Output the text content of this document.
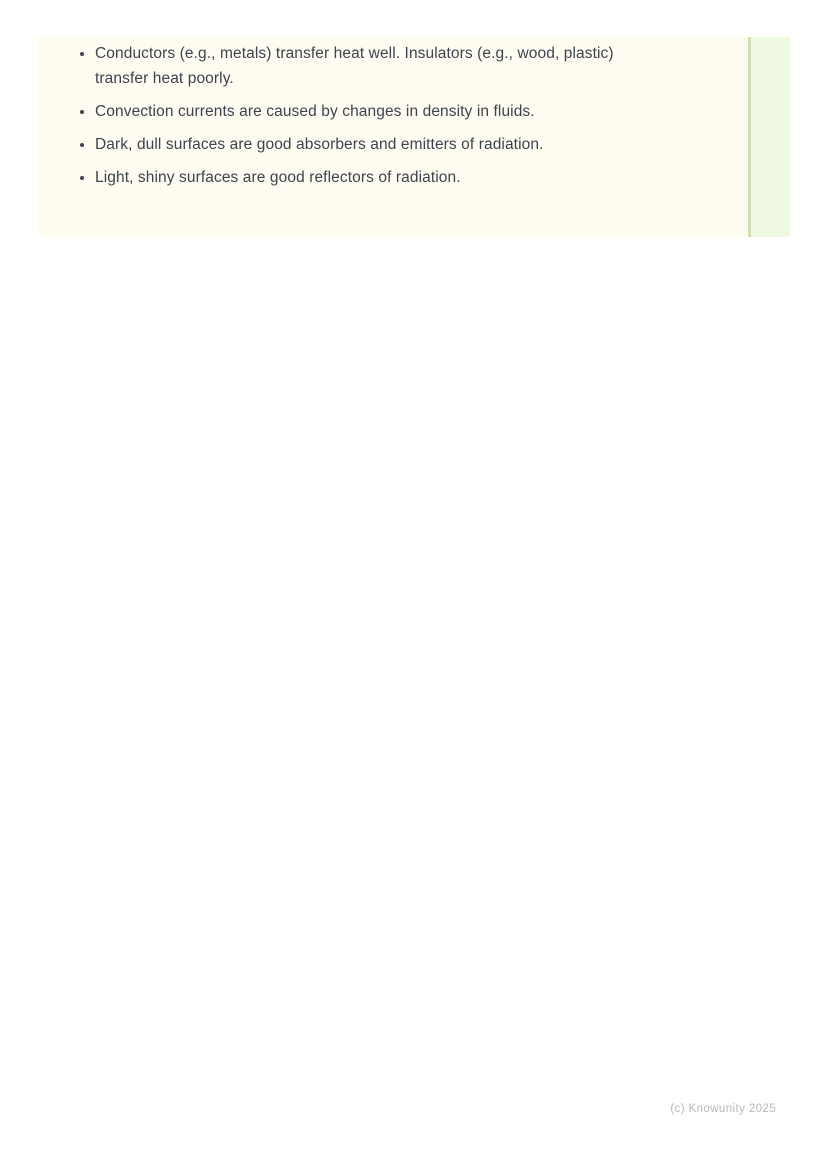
• Conductors (e.g., metals) transfer heat well. Insulators (e.g., wood, plastic) transfer heat poorly.
• Convection currents are caused by changes in density in fluids.
• Dark, dull surfaces are good absorbers and emitters of radiation.
• Light, shiny surfaces are good reflectors of radiation.
(c) Knowunity 2025
